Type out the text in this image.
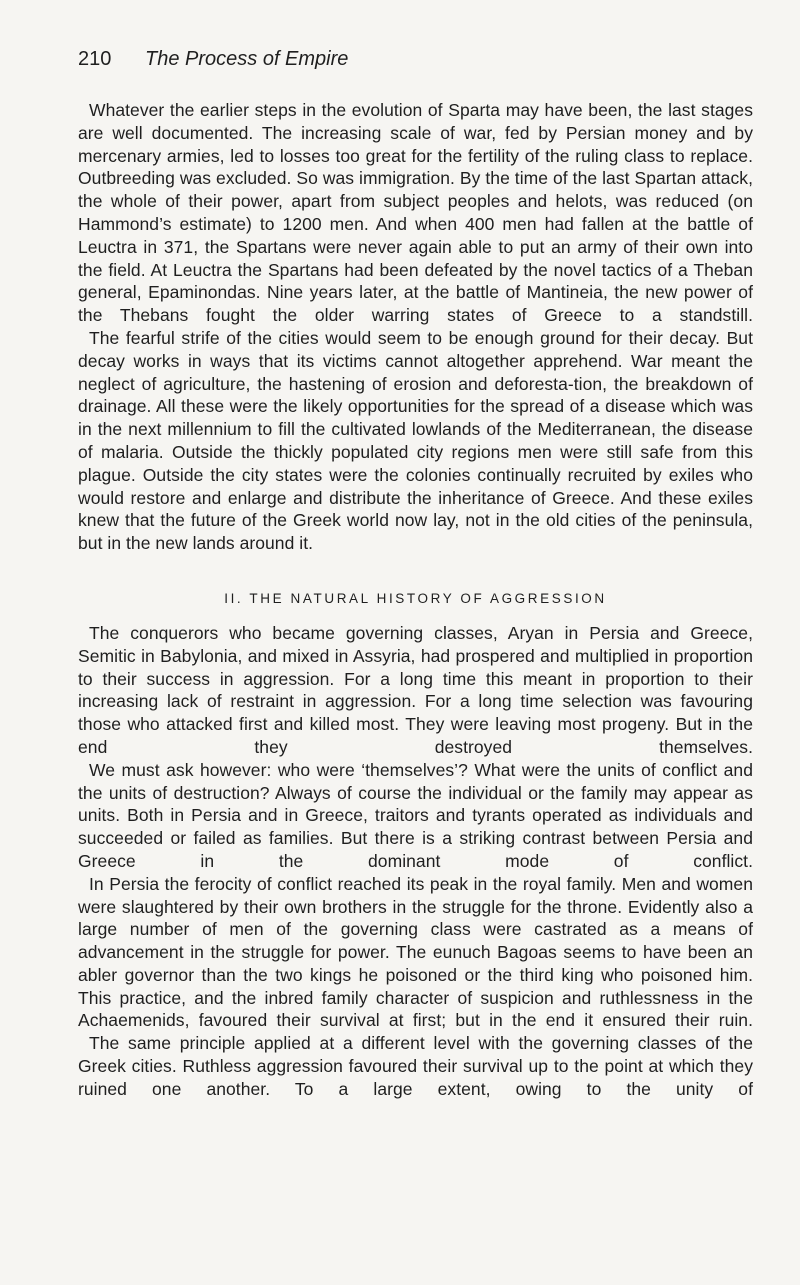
210 The Process of Empire

Whatever the earlier steps in the evolution of Sparta may have been, the last stages are well documented. The increasing scale of war, fed by Persian money and by mercenary armies, led to losses too great for the fertility of the ruling class to replace. Outbreeding was excluded. So was immigration. By the time of the last Spartan attack, the whole of their power, apart from subject peoples and helots, was reduced (on Hammond’s estimate) to 1200 men. And when 400 men had fallen at the battle of Leuctra in 371, the Spartans were never again able to put an army of their own into the field. At Leuctra the Spartans had been defeated by the novel tactics of a Theban general, Epaminondas. Nine years later, at the battle of Mantineia, the new power of the Thebans fought the older warring states of Greece to a standstill.

The fearful strife of the cities would seem to be enough ground for their decay. But decay works in ways that its victims cannot altogether apprehend. War meant the neglect of agriculture, the hastening of erosion and deforesta-tion, the breakdown of drainage. All these were the likely opportunities for the spread of a disease which was in the next millennium to fill the cultivated lowlands of the Mediterranean, the disease of malaria. Outside the thickly populated city regions men were still safe from this plague. Outside the city states were the colonies continually recruited by exiles who would restore and enlarge and distribute the inheritance of Greece. And these exiles knew that the future of the Greek world now lay, not in the old cities of the peninsula, but in the new lands around it.

II. THE NATURAL HISTORY OF AGGRESSION

The conquerors who became governing classes, Aryan in Persia and Greece, Semitic in Babylonia, and mixed in Assyria, had prospered and multiplied in proportion to their success in aggression. For a long time this meant in proportion to their increasing lack of restraint in aggression. For a long time selection was favouring those who attacked first and killed most. They were leaving most progeny. But in the end they destroyed themselves.

We must ask however: who were ‘themselves’? What were the units of conflict and the units of destruction? Always of course the individual or the family may appear as units. Both in Persia and in Greece, traitors and tyrants operated as individuals and succeeded or failed as families. But there is a striking contrast between Persia and Greece in the dominant mode of conflict.

In Persia the ferocity of conflict reached its peak in the royal family. Men and women were slaughtered by their own brothers in the struggle for the throne. Evidently also a large number of men of the governing class were castrated as a means of advancement in the struggle for power. The eunuch Bagoas seems to have been an abler governor than the two kings he poisoned or the third king who poisoned him. This practice, and the inbred family character of suspicion and ruthlessness in the Achaemenids, favoured their survival at first; but in the end it ensured their ruin.

The same principle applied at a different level with the governing classes of the Greek cities. Ruthless aggression favoured their survival up to the point at which they ruined one another. To a large extent, owing to the unity of
